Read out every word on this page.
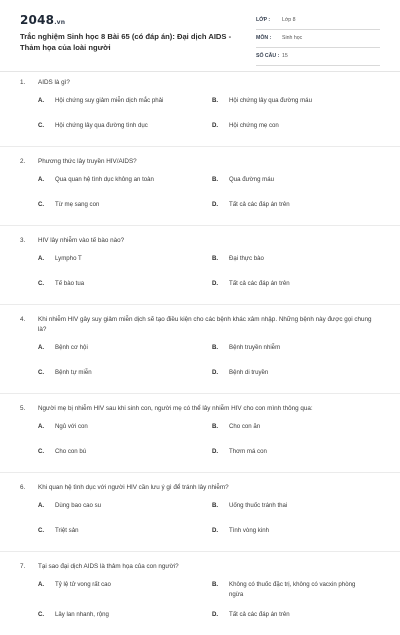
2048.vn
Trắc nghiệm Sinh học 8 Bài 65 (có đáp án): Đại dịch AIDS - Thảm họa của loài người
LỚP : Lớp 8
MÔN : Sinh học
SỐ CÂU : 15
1. AIDS là gì?
A.	Hội chứng suy giảm miễn dịch mắc phải	B.	Hội chứng lây qua đường máu
C.	Hội chứng lây qua đường tình dục	D.	Hội chứng mẹ con
2. Phương thức lây truyền HIV/AIDS?
A.	Qua quan hệ tình dục không an toàn	B.	Qua đường máu
C.	Từ mẹ sang con	D.	Tất cả các đáp án trên
3. HIV lây nhiễm vào tế bào nào?
A.	Lympho T	B.	Đại thực bào
C.	Tế bào tua	D.	Tất cả các đáp án trên
4. Khi nhiễm HIV gây suy giảm miễn dịch sẽ tạo điều kiện cho các bệnh khác xâm nhập. Những bệnh này được gọi chung là?
A.	Bệnh cơ hội	B.	Bệnh truyền nhiễm
C.	Bệnh tự miễn	D.	Bệnh di truyền
5. Người mẹ bị nhiễm HIV sau khi sinh con, người mẹ có thể lây nhiễm HIV cho con mình thông qua:
A.	Ngủ với con	B.	Cho con ăn
C.	Cho con bú	D.	Thơm má con
6. Khi quan hệ tình dục với người HIV cần lưu ý gì để tránh lây nhiễm?
A.	Dùng bao cao su	B.	Uống thuốc tránh thai
C.	Triệt sản	D.	Tình vòng kinh
7. Tại sao đại dịch AIDS là thảm họa của con người?
A.	Tỷ lệ tử vong rất cao	B.	Không có thuốc đặc trị, không có vacxin phòng ngừa
C.	Lây lan nhanh, rộng	D.	Tất cả các đáp án trên
